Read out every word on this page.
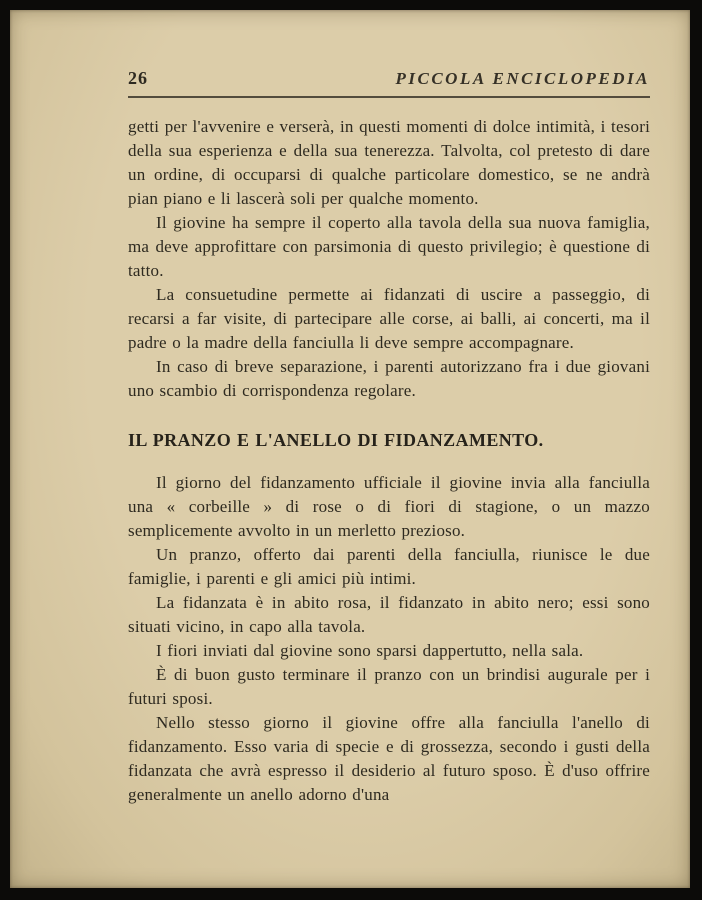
26	PICCOLA ENCICLOPEDIA

getti per l'avvenire e verserà, in questi momenti di dolce intimità, i tesori della sua esperienza e della sua tenerezza. Talvolta, col pretesto di dare un ordine, di occuparsi di qualche particolare domestico, se ne andrà pian piano e li lascerà soli per qualche momento.

Il giovine ha sempre il coperto alla tavola della sua nuova famiglia, ma deve approfittare con parsimonia di questo privilegio; è questione di tatto.

La consuetudine permette ai fidanzati di uscire a passeggio, di recarsi a far visite, di partecipare alle corse, ai balli, ai concerti, ma il padre o la madre della fanciulla li deve sempre accompagnare.

In caso di breve separazione, i parenti autorizzano fra i due giovani uno scambio di corrispondenza regolare.

IL PRANZO E L'ANELLO DI FIDANZAMENTO.

Il giorno del fidanzamento ufficiale il giovine invia alla fanciulla una « corbeille » di rose o di fiori di stagione, o un mazzo semplicemente avvolto in un merletto prezioso.

Un pranzo, offerto dai parenti della fanciulla, riunisce le due famiglie, i parenti e gli amici più intimi.

La fidanzata è in abito rosa, il fidanzato in abito nero; essi sono situati vicino, in capo alla tavola.

I fiori inviati dal giovine sono sparsi dappertutto, nella sala.

È di buon gusto terminare il pranzo con un brindisi augurale per i futuri sposi.

Nello stesso giorno il giovine offre alla fanciulla l'anello di fidanzamento. Esso varia di specie e di grossezza, secondo i gusti della fidanzata che avrà espresso il desiderio al futuro sposo. È d'uso offrire generalmente un anello adorno d'una
